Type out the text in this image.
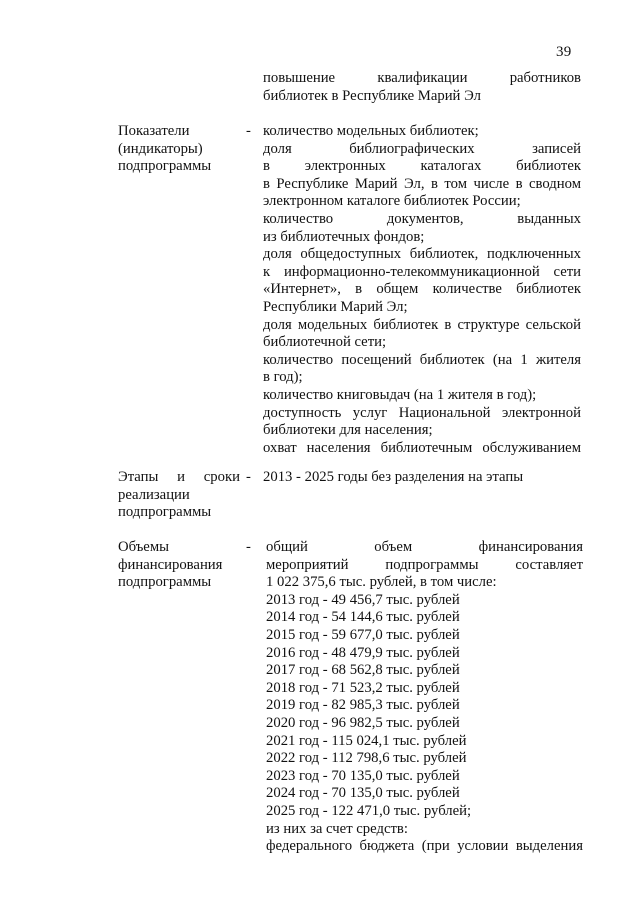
39
повышение квалификации работников
библиотек в Республике Марий Эл
Показатели
(индикаторы)
подпрограммы
- количество модельных библиотек;
доля библиографических записей
в электронных каталогах библиотек
в Республике Марий Эл, в том числе в сводном
электронном каталоге библиотек России;
количество документов, выданных
из библиотечных фондов;
доля общедоступных библиотек, подключенных
к информационно-телекоммуникационной сети
«Интернет», в общем количестве библиотек
Республики Марий Эл;
доля модельных библиотек в структуре сельской
библиотечной сети;
количество посещений библиотек (на 1 жителя
в год);
количество книговыдач (на 1 жителя в год);
доступность услуг Национальной электронной
библиотеки для населения;
охват населения библиотечным обслуживанием
Этапы и сроки
реализации
подпрограммы
- 2013 - 2025 годы без разделения на этапы
Объемы
финансирования
подпрограммы
- общий объем финансирования
мероприятий подпрограммы составляет
1 022 375,6 тыс. рублей, в том числе:
2013 год - 49 456,7 тыс. рублей
2014 год - 54 144,6 тыс. рублей
2015 год - 59 677,0 тыс. рублей
2016 год - 48 479,9 тыс. рублей
2017 год - 68 562,8 тыс. рублей
2018 год - 71 523,2 тыс. рублей
2019 год - 82 985,3 тыс. рублей
2020 год - 96 982,5 тыс. рублей
2021 год - 115 024,1 тыс. рублей
2022 год - 112 798,6 тыс. рублей
2023 год - 70 135,0 тыс. рублей
2024 год - 70 135,0 тыс. рублей
2025 год - 122 471,0 тыс. рублей;
из них за счет средств:
федерального бюджета (при условии выделения
